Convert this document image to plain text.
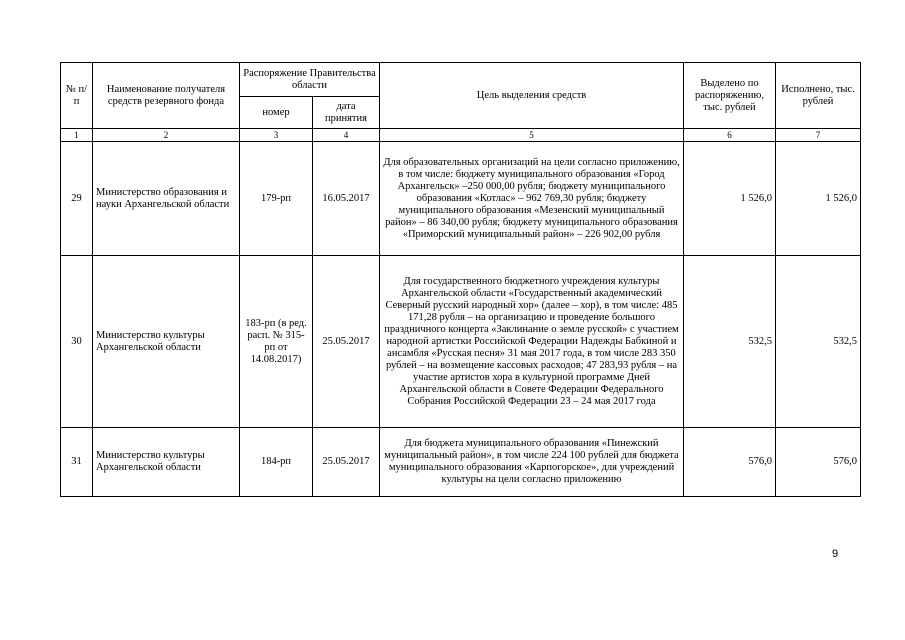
№ п/п	Наименование получателя средств резервного фонда	Распоряжение Правительства области		Цель выделения средств	Выделено по распоряжению, тыс. рублей	Исполнено, тыс. рублей
		номер	дата принятия			
1	2	3	4	5	6	7
29	Министерство образования и науки Архангельской области	179-рп	16.05.2017	Для образовательных организаций на цели согласно приложению, в том числе: бюджету муниципального образования «Город Архангельск» –250 000,00 рубля; бюджету муниципального образования «Котлас» – 962 769,30 рубля; бюджету муниципального образования «Мезенский муниципальный район» – 86 340,00 рубля; бюджету муниципального образования «Приморский муниципальный район» – 226 902,00 рубля	1 526,0	1 526,0
30	Министерство культуры Архангельской области	183-рп (в ред. расп. № 315-рп от 14.08.2017)	25.05.2017	Для государственного бюджетного учреждения культуры Архангельской области «Государственный академический Северный русский народный хор» (далее – хор), в том числе: 485 171,28 рубля – на организацию и проведение большого праздничного концерта «Заклинание о земле русской» с участием народной артистки Российской Федерации Надежды Бабкиной и ансамбля «Русская песня» 31 мая 2017 года, в том числе 283 350 рублей – на возмещение кассовых расходов; 47 283,93 рубля – на участие артистов хора в культурной программе Дней Архангельской области в Совете Федерации Федерального Собрания Российской Федерации 23 – 24 мая 2017 года	532,5	532,5
31	Министерство культуры Архангельской области	184-рп	25.05.2017	Для бюджета муниципального образования «Пинежский муниципальный район», в том числе 224 100 рублей для бюджета муниципального образования «Карпогорское», для учреждений культуры на цели согласно приложению	576,0	576,0
9
